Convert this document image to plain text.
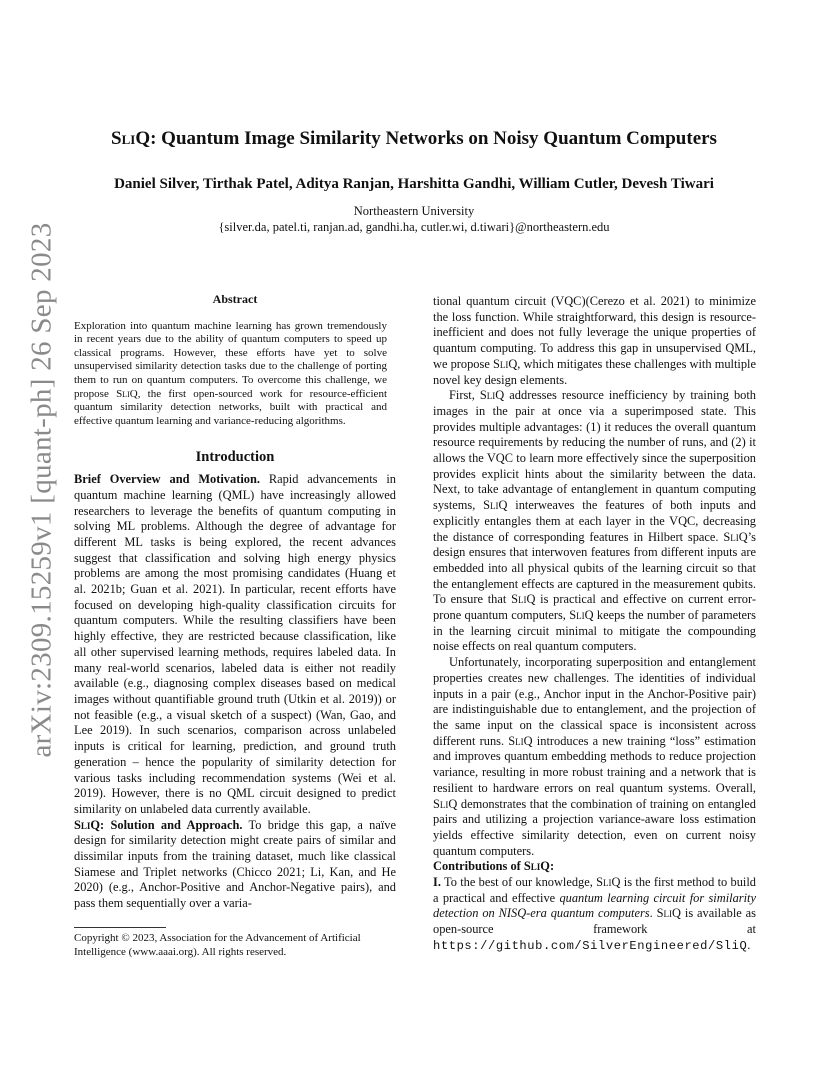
arXiv:2309.15259v1 [quant-ph] 26 Sep 2023
SliQ: Quantum Image Similarity Networks on Noisy Quantum Computers
Daniel Silver, Tirthak Patel, Aditya Ranjan, Harshitta Gandhi, William Cutler, Devesh Tiwari
Northeastern University
{silver.da, patel.ti, ranjan.ad, gandhi.ha, cutler.wi, d.tiwari}@northeastern.edu
Abstract

Exploration into quantum machine learning has grown tremendously in recent years due to the ability of quantum computers to speed up classical programs. However, these efforts have yet to solve unsupervised similarity detection tasks due to the challenge of porting them to run on quantum computers. To overcome this challenge, we propose SliQ, the first open-sourced work for resource-efficient quantum similarity detection networks, built with practical and effective quantum learning and variance-reducing algorithms.

Introduction

Brief Overview and Motivation. Rapid advancements in quantum machine learning (QML) have increasingly allowed researchers to leverage the benefits of quantum computing in solving ML problems. Although the degree of advantage for different ML tasks is being explored, the recent advances suggest that classification and solving high energy physics problems are among the most promising candidates (Huang et al. 2021b; Guan et al. 2021). In particular, recent efforts have focused on developing high-quality classification circuits for quantum computers. While the resulting classifiers have been highly effective, they are restricted because classification, like all other supervised learning methods, requires labeled data. In many real-world scenarios, labeled data is either not readily available (e.g., diagnosing complex diseases based on medical images without quantifiable ground truth (Utkin et al. 2019)) or not feasible (e.g., a visual sketch of a suspect) (Wan, Gao, and Lee 2019). In such scenarios, comparison across unlabeled inputs is critical for learning, prediction, and ground truth generation – hence the popularity of similarity detection for various tasks including recommendation systems (Wei et al. 2019). However, there is no QML circuit designed to predict similarity on unlabeled data currently available.

SliQ: Solution and Approach. To bridge this gap, a naïve design for similarity detection might create pairs of similar and dissimilar inputs from the training dataset, much like classical Siamese and Triplet networks (Chicco 2021; Li, Kan, and He 2020) (e.g., Anchor-Positive and Anchor-Negative pairs), and pass them sequentially over a varia-

Copyright © 2023, Association for the Advancement of Artificial Intelligence (www.aaai.org). All rights reserved.

tional quantum circuit (VQC)(Cerezo et al. 2021) to minimize the loss function. While straightforward, this design is resource-inefficient and does not fully leverage the unique properties of quantum computing. To address this gap in unsupervised QML, we propose SliQ, which mitigates these challenges with multiple novel key design elements.

First, SliQ addresses resource inefficiency by training both images in the pair at once via a superimposed state. This provides multiple advantages: (1) it reduces the overall quantum resource requirements by reducing the number of runs, and (2) it allows the VQC to learn more effectively since the superposition provides explicit hints about the similarity between the data. Next, to take advantage of entanglement in quantum computing systems, SliQ interweaves the features of both inputs and explicitly entangles them at each layer in the VQC, decreasing the distance of corresponding features in Hilbert space. SliQ’s design ensures that interwoven features from different inputs are embedded into all physical qubits of the learning circuit so that the entanglement effects are captured in the measurement qubits. To ensure that SliQ is practical and effective on current error-prone quantum computers, SliQ keeps the number of parameters in the learning circuit minimal to mitigate the compounding noise effects on real quantum computers.

Unfortunately, incorporating superposition and entanglement properties creates new challenges. The identities of individual inputs in a pair (e.g., Anchor input in the Anchor-Positive pair) are indistinguishable due to entanglement, and the projection of the same input on the classical space is inconsistent across different runs. SliQ introduces a new training “loss” estimation and improves quantum embedding methods to reduce projection variance, resulting in more robust training and a network that is resilient to hardware errors on real quantum systems. Overall, SliQ demonstrates that the combination of training on entangled pairs and utilizing a projection variance-aware loss estimation yields effective similarity detection, even on current noisy quantum computers.

Contributions of SliQ:

I. To the best of our knowledge, SliQ is the first method to build a practical and effective quantum learning circuit for similarity detection on NISQ-era quantum computers. SliQ is available as open-source framework at https://github.com/SilverEngineered/SliQ.
